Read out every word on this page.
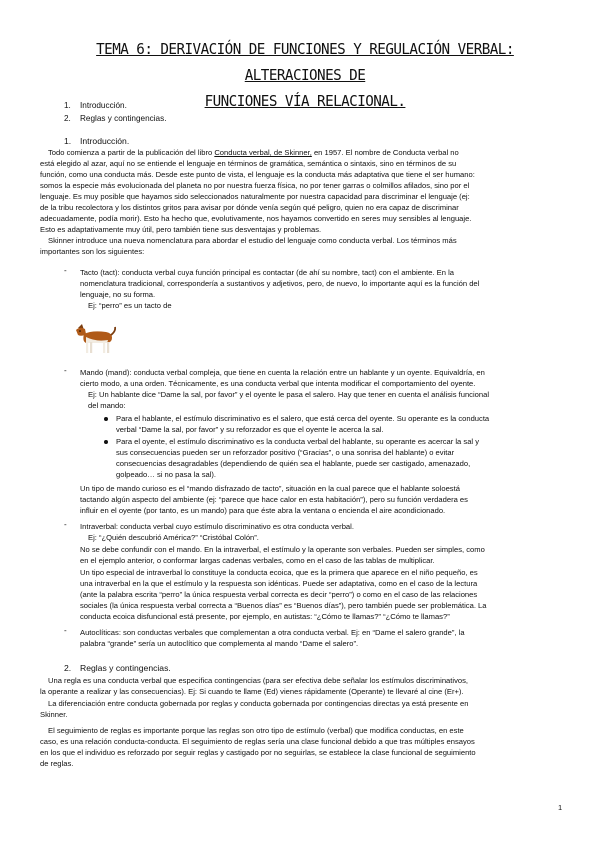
TEMA 6: DERIVACIÓN DE FUNCIONES Y REGULACIÓN VERBAL: ALTERACIONES DE
FUNCIONES VÍA RELACIONAL.
1. Introducción.
2. Reglas y contingencias.
1. Introducción.
Todo comienza a partir de la publicación del libro Conducta verbal, de Skinner, en 1957. El nombre de Conducta verbal no
está elegido al azar, aquí no se entiende el lenguaje en términos de gramática, semántica o sintaxis, sino en términos de su
función, como una conducta más. Desde este punto de vista, el lenguaje es la conducta más adaptativa que tiene el ser humano:
somos la especie más evolucionada del planeta no por nuestra fuerza física, no por tener garras o colmillos afilados, sino por el
lenguaje. Es muy posible que hayamos sido seleccionados naturalmente por nuestra capacidad para discriminar el lenguaje (ej:
de la tribu recolectora y los distintos gritos para avisar por dónde venía según qué peligro, quien no era capaz de discriminar
adecuadamente, podía morir). Esto ha hecho que, evolutivamente, nos hayamos convertido en seres muy sensibles al lenguaje.
Esto es adaptativamente muy útil, pero también tiene sus desventajas y problemas.
Skinner introduce una nueva nomenclatura para abordar el estudio del lenguaje como conducta verbal. Los términos más
importantes son los siguientes:
- Tacto (tact): conducta verbal cuya función principal es contactar (de ahí su nombre, tact) con el ambiente. En la
nomenclatura tradicional, correspondería a sustantivos y adjetivos, pero, de nuevo, lo importante aquí es la función del
lenguaje, no su forma.
Ej: “perro” es un tacto de
- Mando (mand): conducta verbal compleja, que tiene en cuenta la relación entre un hablante y un oyente. Equivaldría, en
cierto modo, a una orden. Técnicamente, es una conducta verbal que intenta modificar el comportamiento del oyente.
Ej: Un hablante dice “Dame la sal, por favor” y el oyente le pasa el salero. Hay que tener en cuenta el análisis funcional
del mando:
Para el hablante, el estímulo discriminativo es el salero, que está cerca del oyente. Su operante es la conducta
verbal “Dame la sal, por favor” y su reforzador es que el oyente le acerca la sal.
Para el oyente, el estímulo discriminativo es la conducta verbal del hablante, su operante es acercar la sal y
sus consecuencias pueden ser un reforzador positivo (“Gracias”, o una sonrisa del hablante) o evitar
consecuencias desagradables (dependiendo de quién sea el hablante, puede ser castigado, amenazado,
golpeado… si no pasa la sal).
Un tipo de mando curioso es el “mando disfrazado de tacto”, situación en la cual parece que el hablante soloestá
tactando algún aspecto del ambiente (ej: “parece que hace calor en esta habitación”), pero su función verdadera es
influir en el oyente (por tanto, es un mando) para que éste abra la ventana o encienda el aire acondicionado.
- Intraverbal: conducta verbal cuyo estímulo discriminativo es otra conducta verbal.
Ej: “¿Quién descubrió América?” “Cristóbal Colón”.
No se debe confundir con el mando. En la intraverbal, el estímulo y la operante son verbales. Pueden ser simples, como
en el ejemplo anterior, o conformar largas cadenas verbales, como en el caso de las tablas de multiplicar.
Un tipo especial de intraverbal lo constituye la conducta ecoica, que es la primera que aparece en el niño pequeño, es
una intraverbal en la que el estímulo y la respuesta son idénticas. Puede ser adaptativa, como en el caso de la lectura
(ante la palabra escrita “perro” la única respuesta verbal correcta es decir “perro”) o como en el caso de las relaciones
sociales (la única respuesta verbal correcta a “Buenos días” es “Buenos días”), pero también puede ser problemática. La
conducta ecoica disfuncional está presente, por ejemplo, en autistas: “¿Cómo te llamas?” “¿Cómo te llamas?”
- Autoclíticas: son conductas verbales que complementan a otra conducta verbal. Ej: en “Dame el salero grande”, la
palabra “grande” sería un autoclítico que complementa al mando “Dame el salero”.
2. Reglas y contingencias.
Una regla es una conducta verbal que especifica contingencias (para ser efectiva debe señalar los estímulos discriminativos,
la operante a realizar y las consecuencias). Ej: Si cuando te llame (Ed) vienes rápidamente (Operante) te llevaré al cine (Er+).
La diferenciación entre conducta gobernada por reglas y conducta gobernada por contingencias directas ya está presente en
Skinner.
El seguimiento de reglas es importante porque las reglas son otro tipo de estímulo (verbal) que modifica conductas, en este
caso, es una relación conducta-conducta. El seguimiento de reglas sería una clase funcional debido a que tras múltiples ensayos
en los que el individuo es reforzado por seguir reglas y castigado por no seguirlas, se establece la clase funcional de seguimiento
de reglas.
1
